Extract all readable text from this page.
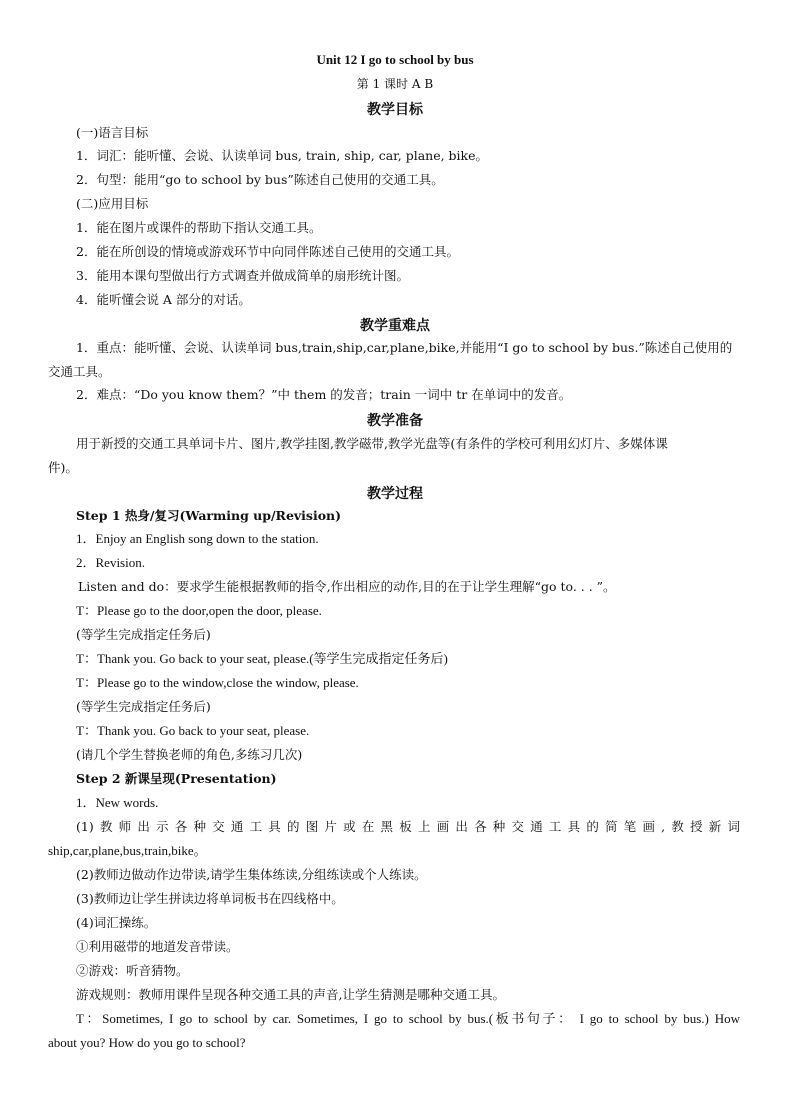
Unit 12 I go to school by bus
第 1 课时 A B
教学目标
(一)语言目标
1．词汇：能听懂、会说、认读单词 bus, train, ship, car, plane, bike。
2．句型：能用“go to school by bus”陈述自己使用的交通工具。
(二)应用目标
1．能在图片或课件的帮助下指认交通工具。
2．能在所创设的情境或游戏环节中向同伴陈述自己使用的交通工具。
3．能用本课句型做出行方式调查并做成简单的扇形统计图。
4．能听懂会说 A 部分的对话。
教学重难点
1．重点：能听懂、会说、认读单词 bus,train,ship,car,plane,bike,并能用“I go to school by bus.”陈述自己使用的
交通工具。
2．难点：“Do you know them？”中 them 的发音；train 一词中 tr 在单词中的发音。
教学准备
用于新授的交通工具单词卡片、图片,教学挂图,教学磁带,教学光盘等(有条件的学校可利用幻灯片、多媒体课
件)。
教学过程
Step 1 热身/复习(Warming up/Revision)
1．Enjoy an English song down to the station.
2．Revision.
Listen and do：要求学生能根据教师的指令,作出相应的动作,目的在于让学生理解“go to. . . ”。
T：Please go to the door,open the door, please.
(等学生完成指定任务后)
T：Thank you. Go back to your seat, please.(等学生完成指定任务后)
T：Please go to the window,close the window, please.
(等学生完成指定任务后)
T：Thank you. Go back to your seat, please.
(请几个学生替换老师的角色,多练习几次)
Step 2 新课呈现(Presentation)
1．New words.
(1)教师出示各种交通工具的图片或在黑板上画出各种交通工具的简笔画,教授新词
ship,car,plane,bus,train,bike。
(2)教师边做动作边带读,请学生集体练读,分组练读或个人练读。
(3)教师边让学生拼读边将单词板书在四线格中。
(4)词汇操练。
①利用磁带的地道发音带读。
②游戏：听音猜物。
游戏规则：教师用课件呈现各种交通工具的声音,让学生猜测是哪种交通工具。
T：Sometimes, I go to school by car. Sometimes, I go to school by bus.(板书句子： I go to school by bus.) How
about you? How do you go to school?
